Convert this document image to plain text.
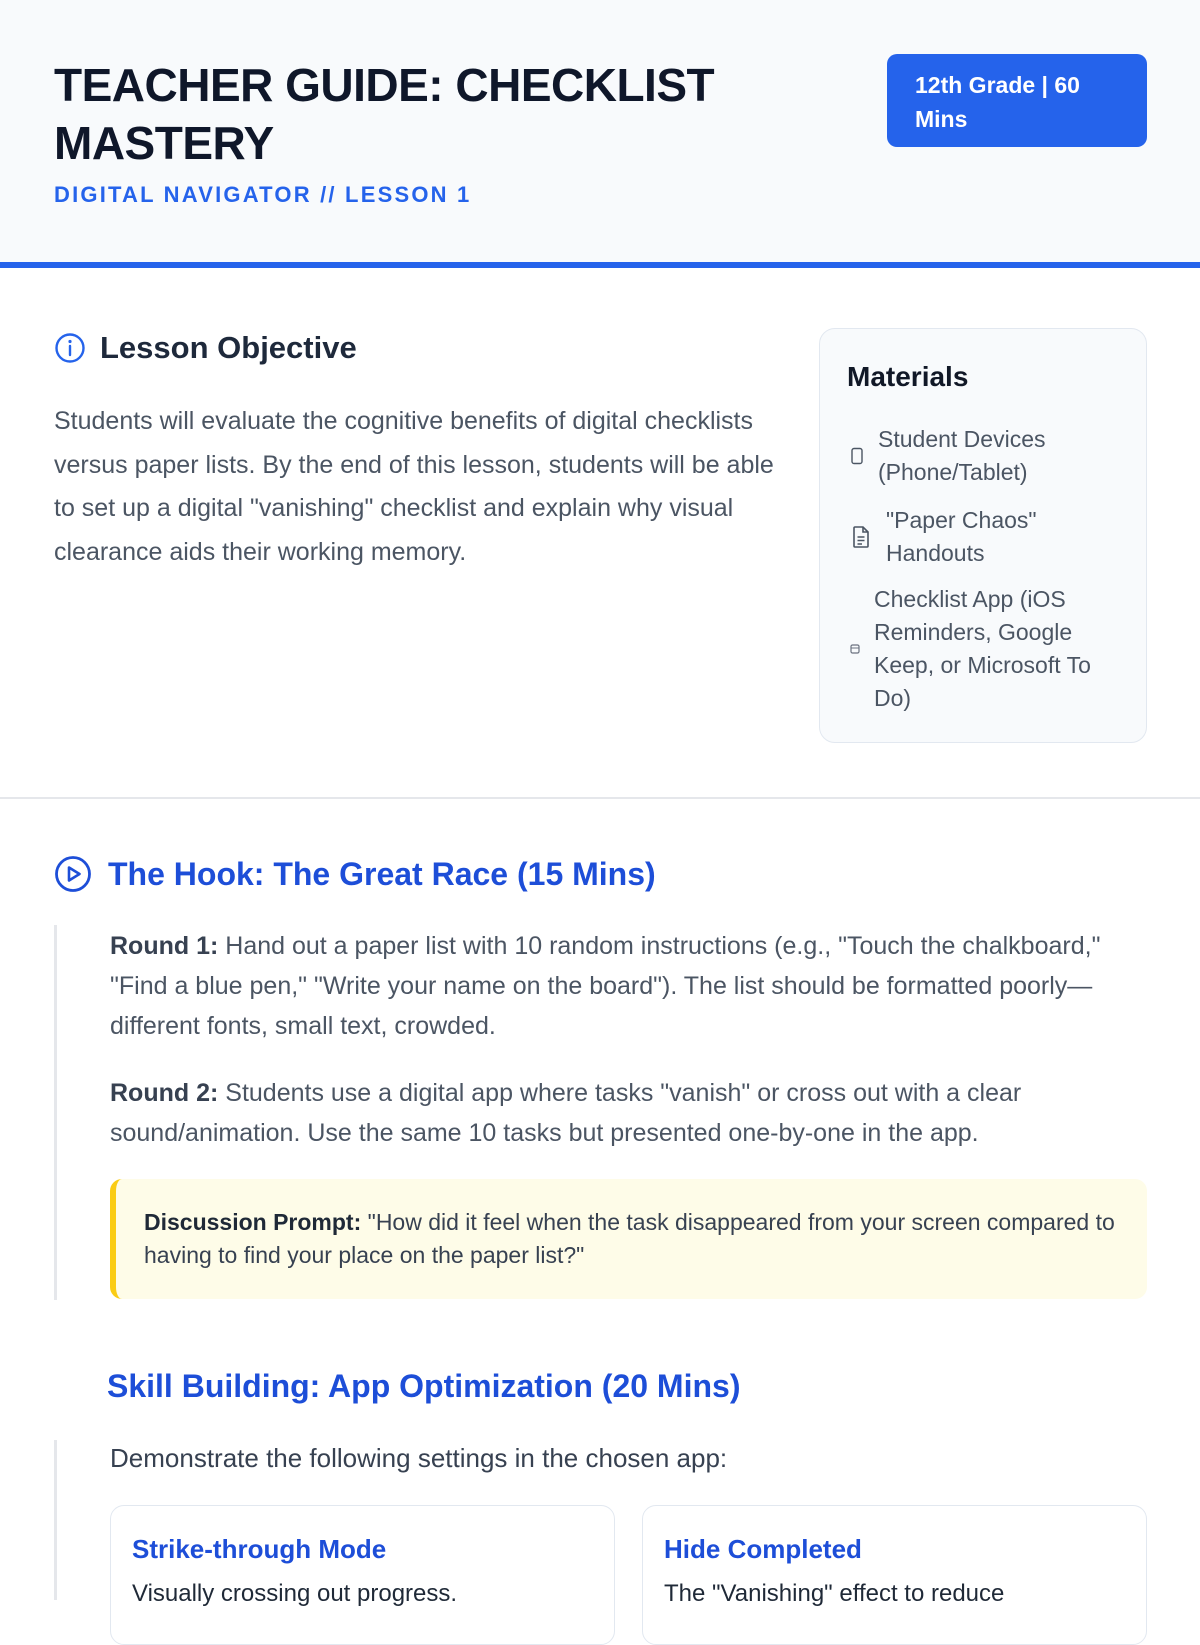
TEACHER GUIDE: CHECKLIST MASTERY
DIGITAL NAVIGATOR // LESSON 1
12th Grade | 60 Mins
Lesson Objective
Students will evaluate the cognitive benefits of digital checklists versus paper lists. By the end of this lesson, students will be able to set up a digital "vanishing" checklist and explain why visual clearance aids their working memory.
Materials
Student Devices (Phone/Tablet)
"Paper Chaos" Handouts
Checklist App (iOS Reminders, Google Keep, or Microsoft To Do)
The Hook: The Great Race (15 Mins)
Round 1: Hand out a paper list with 10 random instructions (e.g., "Touch the chalkboard," "Find a blue pen," "Write your name on the board"). The list should be formatted poorly—different fonts, small text, crowded.
Round 2: Students use a digital app where tasks "vanish" or cross out with a clear sound/animation. Use the same 10 tasks but presented one-by-one in the app.
Discussion Prompt: "How did it feel when the task disappeared from your screen compared to having to find your place on the paper list?"
Skill Building: App Optimization (20 Mins)
Demonstrate the following settings in the chosen app:
Strike-through Mode
Visually crossing out progress.
Hide Completed
The "Vanishing" effect to reduce
